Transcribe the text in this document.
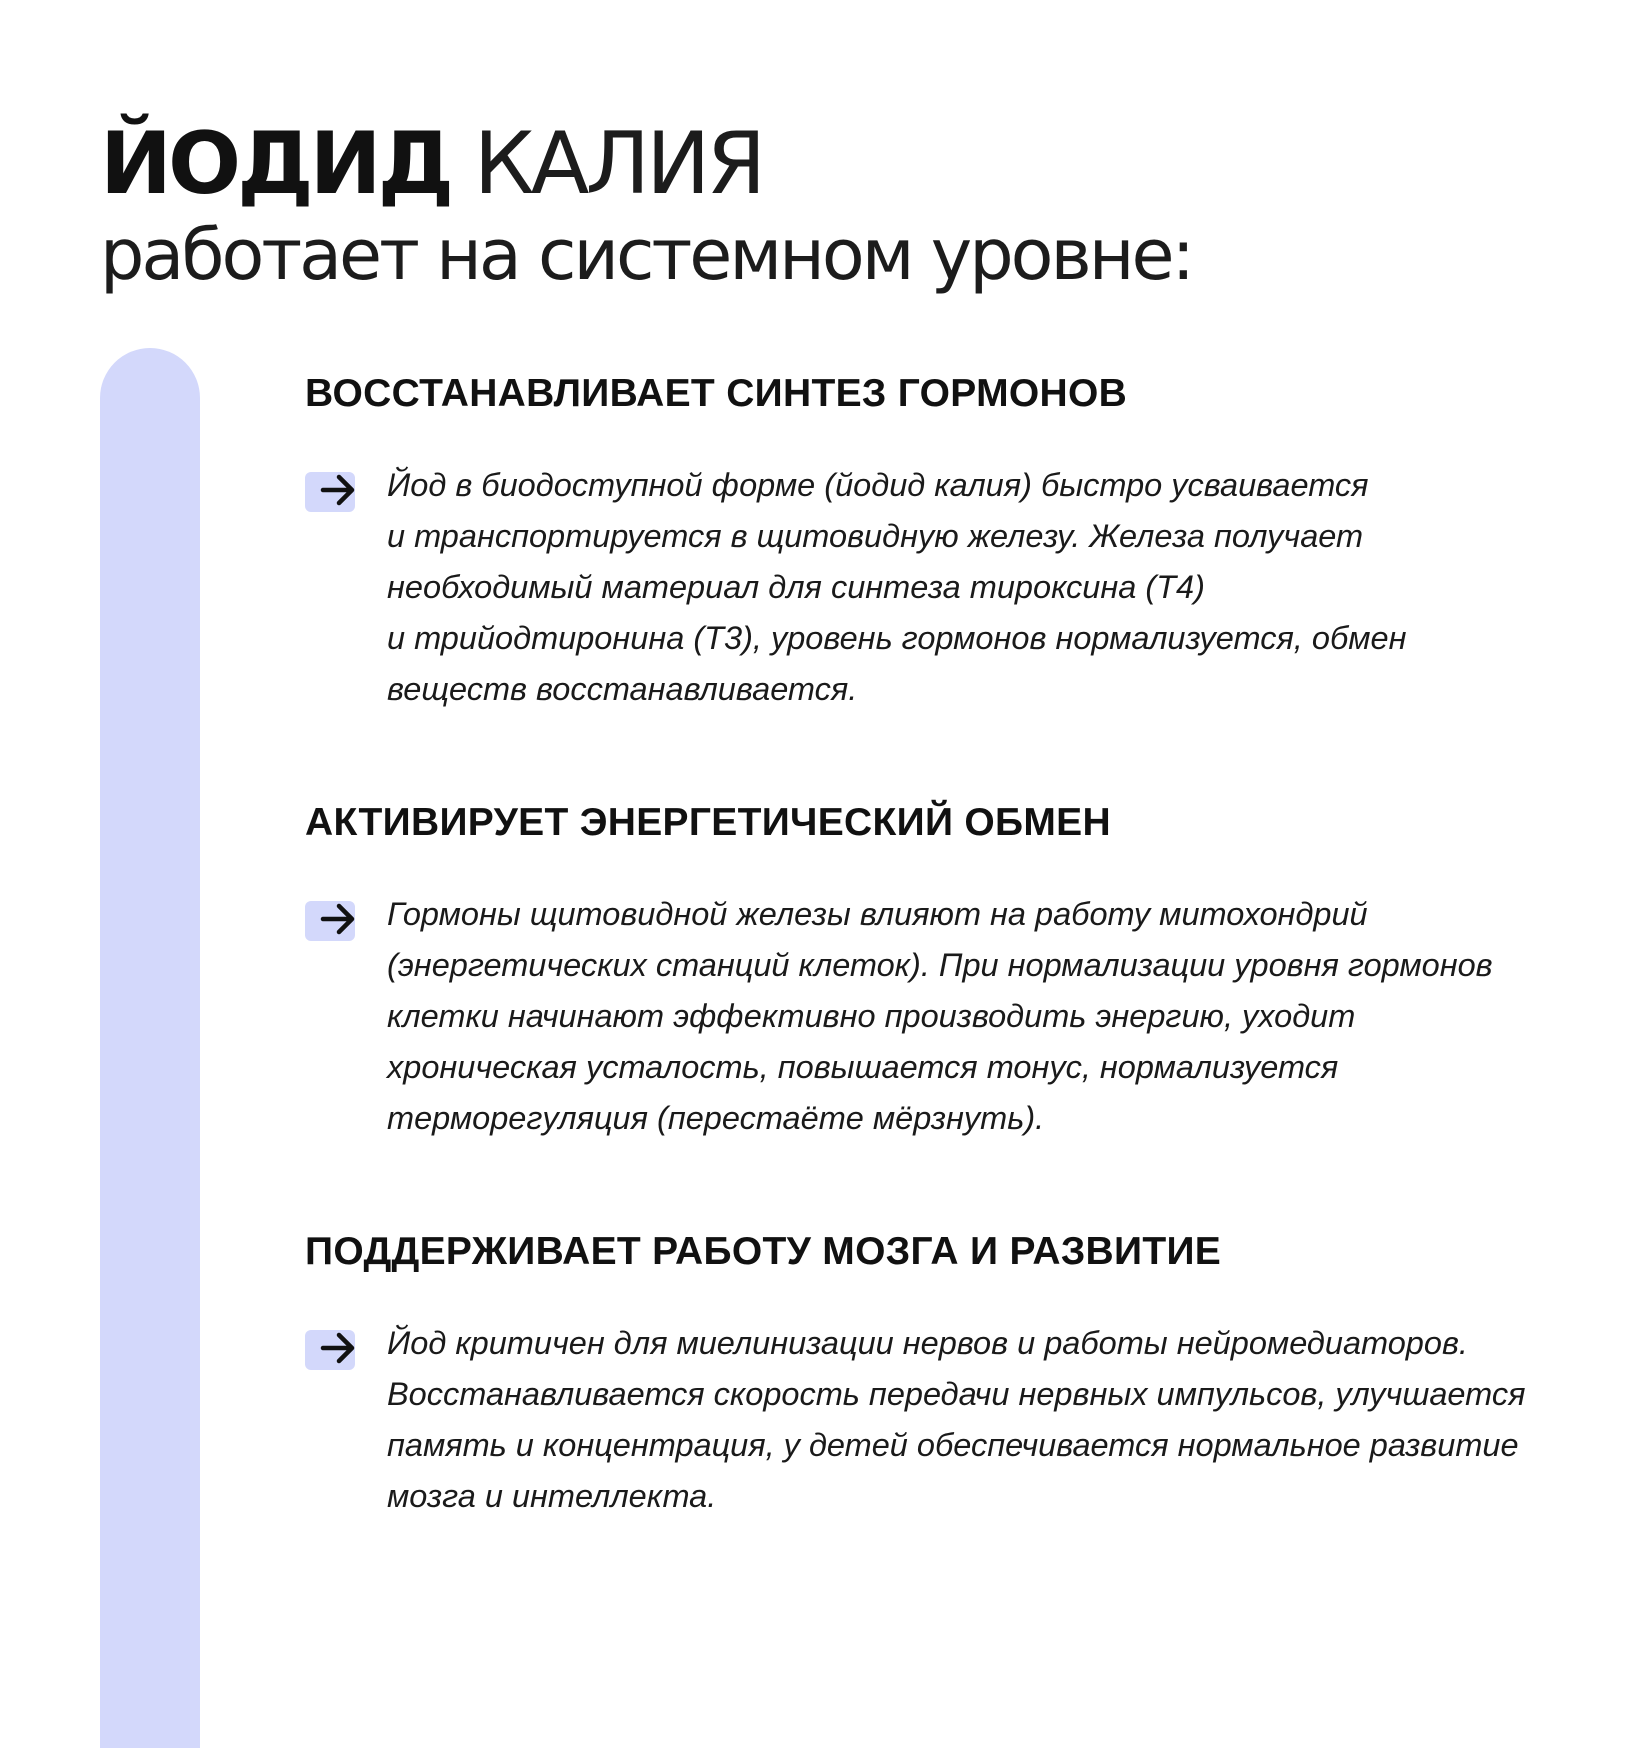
ЙОДИД КАЛИЯ
работает на системном уровне:
ВОССТАНАВЛИВАЕТ СИНТЕЗ ГОРМОНОВ

Йод в биодоступной форме (йодид калия) быстро усваивается
и транспортируется в щитовидную железу. Железа получает
необходимый материал для синтеза тироксина (Т4)
и трийодтиронина (Т3), уровень гормонов нормализуется, обмен
веществ восстанавливается.

АКТИВИРУЕТ ЭНЕРГЕТИЧЕСКИЙ ОБМЕН

Гормоны щитовидной железы влияют на работу митохондрий
(энергетических станций клеток). При нормализации уровня гормонов
клетки начинают эффективно производить энергию, уходит
хроническая усталость, повышается тонус, нормализуется
терморегуляция (перестаёте мёрзнуть).

ПОДДЕРЖИВАЕТ РАБОТУ МОЗГА И РАЗВИТИЕ

Йод критичен для миелинизации нервов и работы нейромедиаторов.
Восстанавливается скорость передачи нервных импульсов, улучшается
память и концентрация, у детей обеспечивается нормальное развитие
мозга и интеллекта.
